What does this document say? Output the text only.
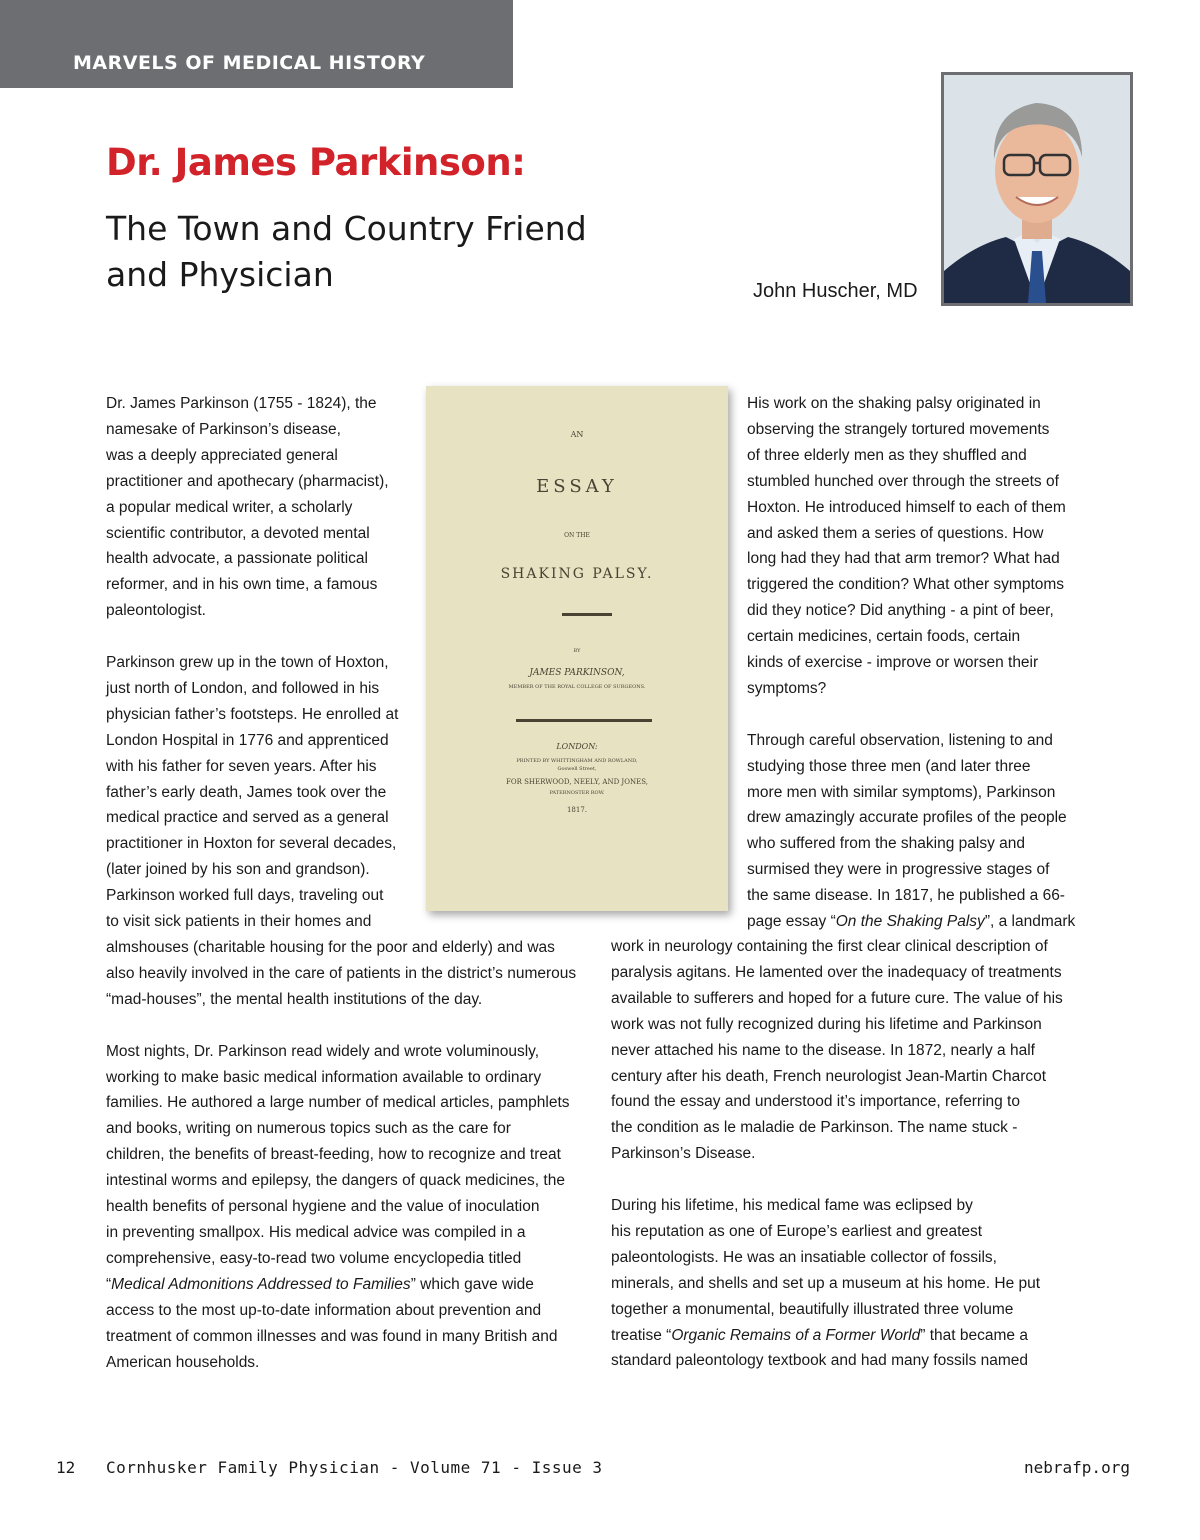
MARVELS OF MEDICAL HISTORY
Dr. James Parkinson:
The Town and Country Friend
and Physician	John Huscher, MD
AN
ESSAY
ON THE
SHAKING PALSY.
BY
JAMES PARKINSON,
MEMBER OF THE ROYAL COLLEGE OF SURGEONS.
LONDON:
PRINTED BY WHITTINGHAM AND ROWLAND,
Goswell Street,
FOR SHERWOOD, NEELY, AND JONES,
PATERNOSTER ROW.
1817.
Dr. James Parkinson (1755 - 1824), the
namesake of Parkinson’s disease,
was a deeply appreciated general
practitioner and apothecary (pharmacist),
a popular medical writer, a scholarly
scientific contributor, a devoted mental
health advocate, a passionate political
reformer, and in his own time, a famous
paleontologist.
Parkinson grew up in the town of Hoxton,
just north of London, and followed in his
physician father’s footsteps. He enrolled at
London Hospital in 1776 and apprenticed
with his father for seven years. After his
father’s early death, James took over the
medical practice and served as a general
practitioner in Hoxton for several decades,
(later joined by his son and grandson).
Parkinson worked full days, traveling out
to visit sick patients in their homes and
almshouses (charitable housing for the poor and elderly) and was
also heavily involved in the care of patients in the district’s numerous
“mad-houses”, the mental health institutions of the day.
Most nights, Dr. Parkinson read widely and wrote voluminously,
working to make basic medical information available to ordinary
families. He authored a large number of medical articles, pamphlets
and books, writing on numerous topics such as the care for
children, the benefits of breast-feeding, how to recognize and treat
intestinal worms and epilepsy, the dangers of quack medicines, the
health benefits of personal hygiene and the value of inoculation
in preventing smallpox. His medical advice was compiled in a
comprehensive, easy-to-read two volume encyclopedia titled
“Medical Admonitions Addressed to Families” which gave wide
access to the most up-to-date information about prevention and
treatment of common illnesses and was found in many British and
American households.
His work on the shaking palsy originated in
observing the strangely tortured movements
of three elderly men as they shuffled and
stumbled hunched over through the streets of
Hoxton. He introduced himself to each of them
and asked them a series of questions. How
long had they had that arm tremor? What had
triggered the condition? What other symptoms
did they notice? Did anything - a pint of beer,
certain medicines, certain foods, certain
kinds of exercise - improve or worsen their
symptoms?
Through careful observation, listening to and
studying those three men (and later three
more men with similar symptoms), Parkinson
drew amazingly accurate profiles of the people
who suffered from the shaking palsy and
surmised they were in progressive stages of
the same disease. In 1817, he published a 66-
page essay “On the Shaking Palsy”, a landmark
work in neurology containing the first clear clinical description of
paralysis agitans. He lamented over the inadequacy of treatments
available to sufferers and hoped for a future cure. The value of his
work was not fully recognized during his lifetime and Parkinson
never attached his name to the disease. In 1872, nearly a half
century after his death, French neurologist Jean-Martin Charcot
found the essay and understood it’s importance, referring to
the condition as le maladie de Parkinson. The name stuck -
Parkinson’s Disease.
During his lifetime, his medical fame was eclipsed by
his reputation as one of Europe’s earliest and greatest
paleontologists. He was an insatiable collector of fossils,
minerals, and shells and set up a museum at his home. He put
together a monumental, beautifully illustrated three volume
treatise “Organic Remains of a Former World” that became a
standard paleontology textbook and had many fossils named
12 Cornhusker Family Physician - Volume 71 - Issue 3	nebrafp.org
